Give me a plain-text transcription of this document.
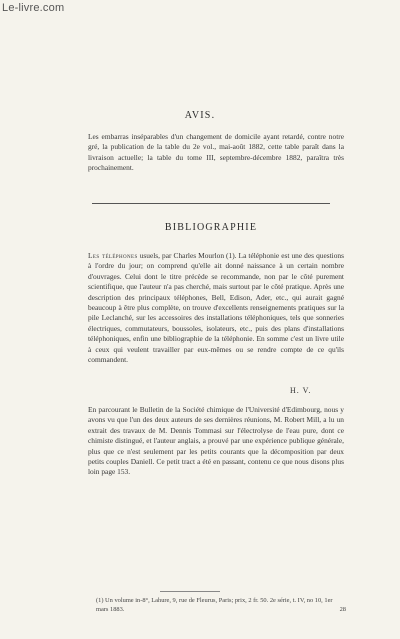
Le-livre.com
AVIS.
Les embarras inséparables d'un changement de domicile ayant retardé, contre notre gré, la publication de la table du 2e vol., mai-août 1882, cette table paraît dans la livraison actuelle; la table du tome III, septembre-décembre 1882, paraîtra très prochainement.
BIBLIOGRAPHIE
Les téléphones usuels, par Charles Mourlon (1). La téléphonie est une des questions à l'ordre du jour; on comprend qu'elle ait donné naissance à un certain nombre d'ouvrages. Celui dont le titre précède se recommande, non par le côté purement scientifique, que l'auteur n'a pas cherché, mais surtout par le côté pratique. Après une description des principaux téléphones, Bell, Edison, Ader, etc., qui aurait gagné beaucoup à être plus complète, on trouve d'excellents renseignements pratiques sur la pile Leclanché, sur les accessoires des installations téléphoniques, tels que sonneries électriques, commutateurs, boussoles, isolateurs, etc., puis des plans d'installations téléphoniques, enfin une bibliographie de la téléphonie. En somme c'est un livre utile à ceux qui veulent travailler par eux-mêmes ou se rendre compte de ce qu'ils commandent.
H. V.
En parcourant le Bulletin de la Société chimique de l'Université d'Edimbourg, nous y avons vu que l'un des deux auteurs de ses dernières réunions, M. Robert Mill, a lu un extrait des travaux de M. Dennis Tommasi sur l'électrolyse de l'eau pure, dont ce chimiste distingué, et l'auteur anglais, a prouvé par une expérience publique générale, plus que ce n'est seulement par les petits courants que la décomposition par deux petits couples Daniell. Ce petit tract a été en passant, contenu ce que nous disons plus loin page 153.
(1) Un volume in-8°, Lahure, 9, rue de Fleurus, Paris; prix, 2 fr. 50. 2e série, t. IV, no 10, 1er mars 1883.	28
